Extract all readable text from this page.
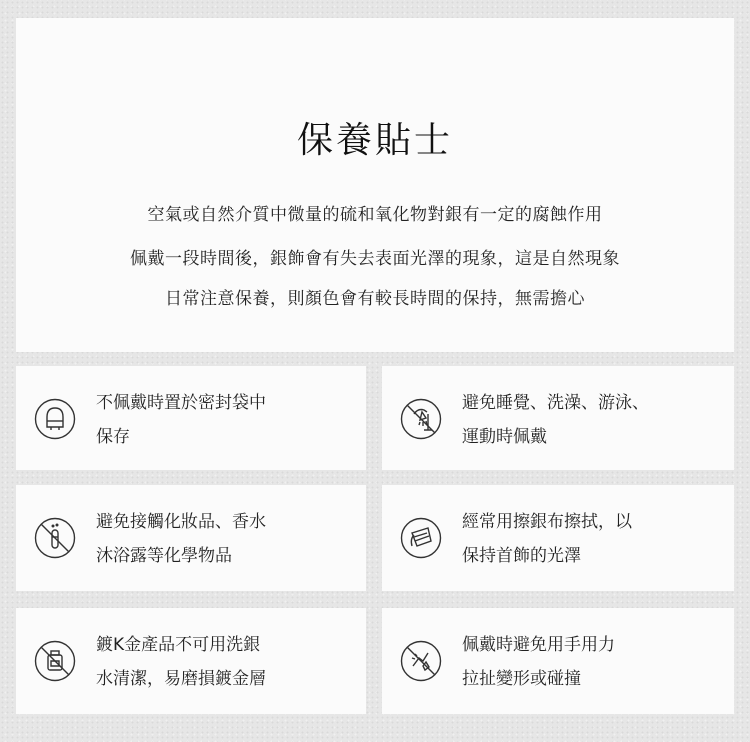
保養貼士
空氣或自然介質中微量的硫和氧化物對銀有一定的腐蝕作用
佩戴一段時間後，銀飾會有失去表面光澤的現象，這是自然現象
日常注意保養，則顏色會有較長時間的保持，無需擔心
不佩戴時置於密封袋中
保存
避免睡覺、洗澡、游泳、
運動時佩戴
避免接觸化妝品、香水
沐浴露等化學物品
經常用擦銀布擦拭，以
保持首飾的光澤
鍍K金產品不可用洗銀
水清潔，易磨損鍍金層
佩戴時避免用手用力
拉扯變形或碰撞
